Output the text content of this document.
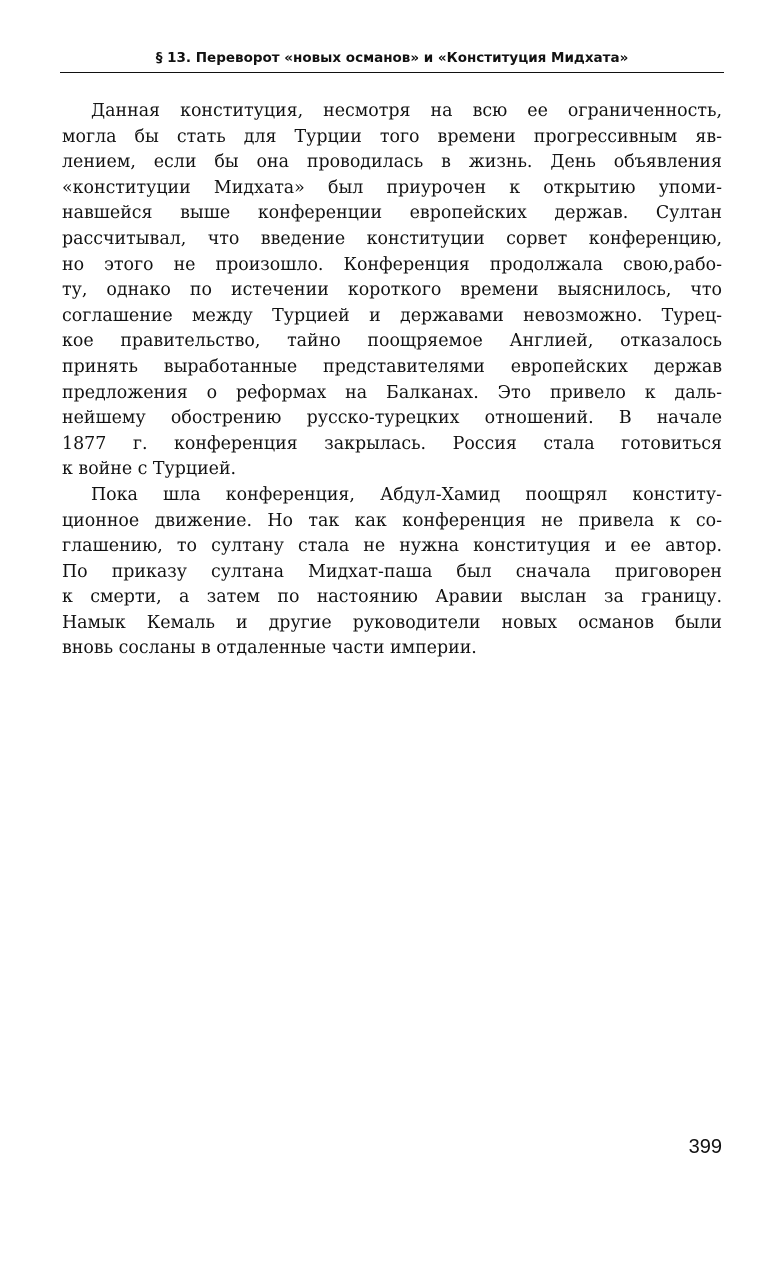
§ 13. Переворот «новых османов» и «Конституция Мидхата»
Данная конституция, несмотря на всю ее ограниченность,
могла бы стать для Турции того времени прогрессивным яв-
лением, если бы она проводилась в жизнь. День объявления
«конституции Мидхата» был приурочен к открытию упоми-
навшейся выше конференции европейских держав. Султан
рассчитывал, что введение конституции сорвет конференцию,
но этого не произошло. Конференция продолжала свою,рабо-
ту, однако по истечении короткого времени выяснилось, что
соглашение между Турцией и державами невозможно. Турец-
кое правительство, тайно поощряемое Англией, отказалось
принять выработанные представителями европейских держав
предложения о реформах на Балканах. Это привело к даль-
нейшему обострению русско-турецких отношений. В начале
1877 г. конференция закрылась. Россия стала готовиться
к войне с Турцией.
Пока шла конференция, Абдул-Хамид поощрял конститу-
ционное движение. Но так как конференция не привела к со-
глашению, то султану стала не нужна конституция и ее автор.
По приказу султана Мидхат-паша был сначала приговорен
к смерти, а затем по настоянию Аравии выслан за границу.
Намык Кемаль и другие руководители новых османов были
вновь сосланы в отдаленные части империи.
399
